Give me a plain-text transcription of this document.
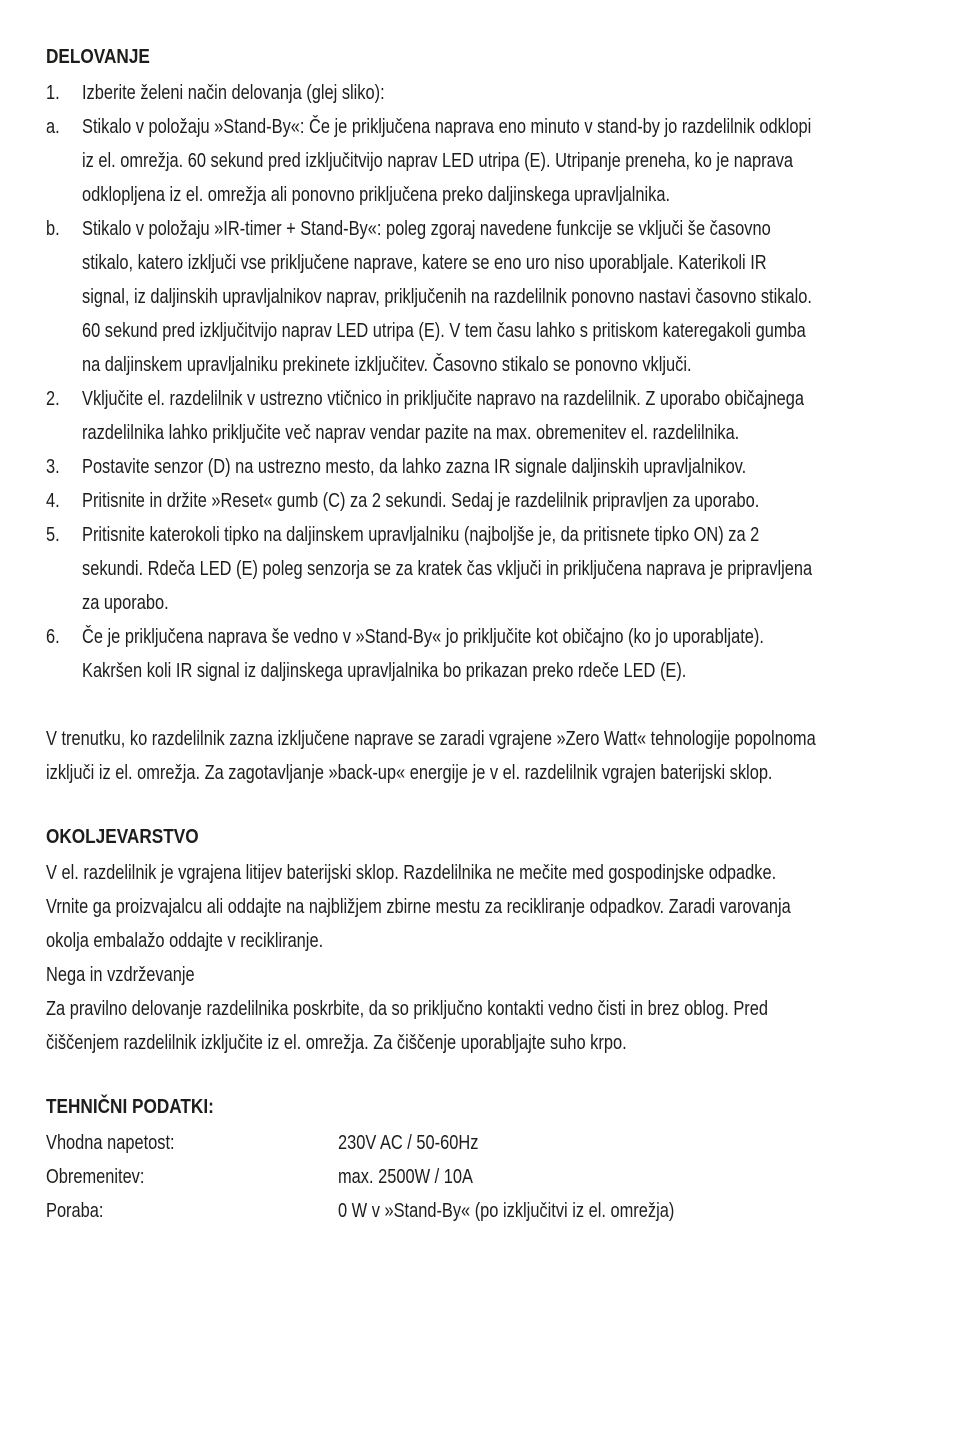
DELOVANJE
1. Izberite želeni način delovanja (glej sliko):
a. Stikalo v položaju »Stand-By«: Če je priključena naprava eno minuto v stand-by jo razdelilnik odklopi
iz el. omrežja. 60 sekund pred izključitvijo naprav LED utripa (E). Utripanje preneha, ko je naprava
odklopljena iz el. omrežja ali ponovno priključena preko daljinskega upravljalnika.
b. Stikalo v položaju »IR-timer + Stand-By«: poleg zgoraj navedene funkcije se vklјuči še časovno
stikalo, katero izklјuči vse priključene naprave, katere se eno uro niso uporabljale. Katerikoli IR
signal, iz daljinskih upravljalnikov naprav, priključenih na razdelilnik ponovno nastavi časovno stikalo.
60 sekund pred izključitvijo naprav LED utripa (E). V tem času lahko s pritiskom kateregakoli gumba
na daljinskem upravljalniku prekinete izključitev. Časovno stikalo se ponovno vključi.
2. Vključite el. razdelilnik v ustrezno vtičnico in priključite napravo na razdelilnik. Z uporabo običajnega
razdelilnika lahko priključite več naprav vendar pazite na max. obremenitev el. razdelilnika.
3. Postavite senzor (D) na ustrezno mesto, da lahko zazna IR signale daljinskih upravljalnikov.
4. Pritisnite in držite »Reset« gumb (C) za 2 sekundi. Sedaj je razdelilnik pripravljen za uporabo.
5. Pritisnite katerokoli tipko na daljinskem upravljalniku (najboljše je, da pritisnete tipko ON) za 2
sekundi. Rdeča LED (E) poleg senzorja se za kratek čas vključi in priključena naprava je pripravljena
za uporabo.
6. Če je priključena naprava še vedno v »Stand-By« jo priključite kot običajno (ko jo uporabljate).
Kakršen koli IR signal iz daljinskega upravljalnika bo prikazan preko rdeče LED (E).
V trenutku, ko razdelilnik zazna izključene naprave se zaradi vgrajene »Zero Watt« tehnologije popolnoma
izključi iz el. omrežja. Za zagotavljanje »back-up« energije je v el. razdelilnik vgrajen baterijski sklop.
OKOLJEVARSTVO
V el. razdelilnik je vgrajena litijev baterijski sklop. Razdelilnika ne mečite med gospodinjske odpadke.
Vrnite ga proizvajalcu ali oddajte na najbližjem zbirne mestu za recikliranje odpadkov. Zaradi varovanja
okolja embalažo oddajte v recikliranje.
Nega in vzdrževanje
Za pravilno delovanje razdelilnika poskrbite, da so priključno kontakti vedno čisti in brez oblog. Pred
čiščenjem razdelilnik izključite iz el. omrežja. Za čiščenje uporabljajte suho krpo.
TEHNIČNI PODATKI:
Vhodna napetost:	230V AC / 50-60Hz
Obremenitev:	max. 2500W / 10A
Poraba:	0 W v »Stand-By« (po izključitvi iz el. omrežja)
